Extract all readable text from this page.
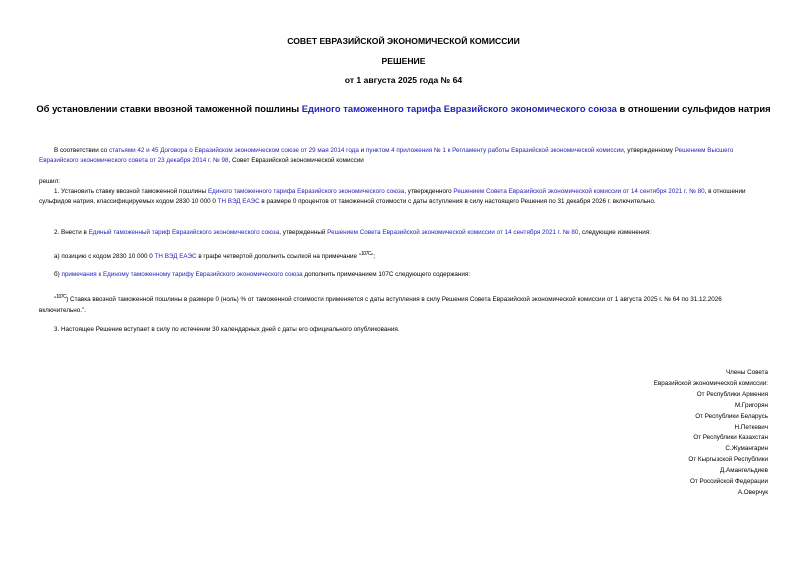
СОВЕТ ЕВРАЗИЙСКОЙ ЭКОНОМИЧЕСКОЙ КОМИССИИ
РЕШЕНИЕ
от 1 августа 2025 года № 64
Об установлении ставки ввозной таможенной пошлины Единого таможенного тарифа Евразийского экономического союза в отношении сульфидов натрия
В соответствии со статьями 42 и 45 Договора о Евразийском экономическом союзе от 29 мая 2014 года и пунктом 4 приложения № 1 к Регламенту работы Евразийской экономической комиссии, утвержденному Решением Высшего Евразийского экономического совета от 23 декабря 2014 г. № 98, Совет Евразийской экономической комиссии
решил:
1. Установить ставку ввозной таможенной пошлины Единого таможенного тарифа Евразийского экономического союза, утвержденного Решением Совета Евразийской экономической комиссии от 14 сентября 2021 г. № 80, в отношении сульфидов натрия, классифицируемых кодом 2830 10 000 0 ТН ВЭД ЕАЭС в размере 0 процентов от таможенной стоимости с даты вступления в силу настоящего Решения по 31 декабря 2026 г. включительно.
2. Внести в Единый таможенный тариф Евразийского экономического союза, утвержденный Решением Совета Евразийской экономической комиссии от 14 сентября 2021 г. № 80, следующие изменения:
а) позицию с кодом 2830 10 000 0 ТН ВЭД ЕАЭС в графе четвертой дополнить ссылкой на примечание "$^{107С}$";
б) примечания к Единому таможенному тарифу Евразийского экономического союза дополнить примечанием 107С следующего содержания:
"$^{107С}$) Ставка ввозной таможенной пошлины в размере 0 (ноль) % от таможенной стоимости применяется с даты вступления в силу Решения Совета Евразийской экономической комиссии от 1 августа 2025 г. № 64 по 31.12.2026 включительно.".
3. Настоящее Решение вступает в силу по истечении 30 календарных дней с даты его официального опубликования.
Члены Совета
Евразийской экономической комиссии:
От Республики Армения
М.Григорян
От Республики Беларусь
Н.Петкевич
От Республики Казахстан
С.Жумангарин
От Кыргызской Республики
Д.Амангельдиев
От Российской Федерации
А.Оверчук
